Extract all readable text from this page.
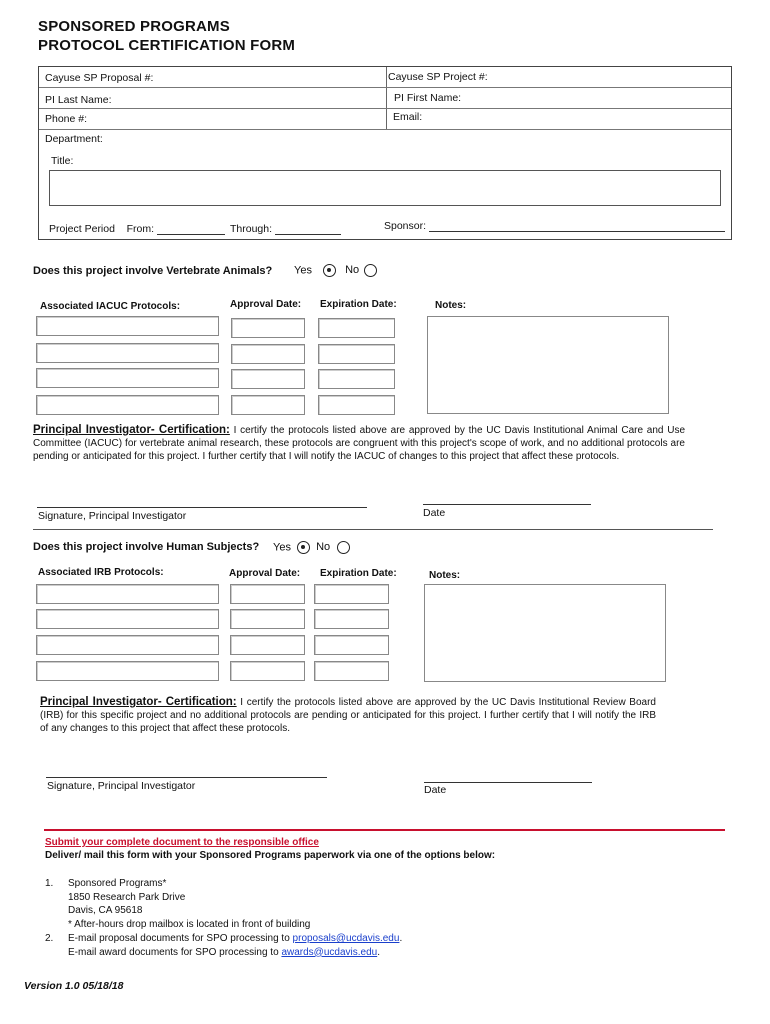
SPONSORED PROGRAMS
PROTOCOL CERTIFICATION FORM
Cayuse SP Proposal #:	Cayuse SP Project #:
PI Last Name:	PI First Name:
Phone #:	Email:
Department:
Title:
Project Period From:	Through:	Sponsor:
Does this project involve Vertebrate Animals? Yes	No
Associated IACUC Protocols:	Approval Date: Expiration Date:	Notes:
Principal Investigator- Certification: I certify the protocols listed above are approved by the UC Davis Institutional Animal Care and Use Committee (IACUC) for vertebrate animal research, these protocols are congruent with this project's scope of work, and no additional protocols are pending or anticipated for this project. I further certify that I will notify the IACUC of changes to this project that affect these protocols.
Signature, Principal Investigator	Date
Does this project involve Human Subjects? Yes No
Associated IRB Protocols:	Approval Date: Expiration Date:	Notes:
Principal Investigator- Certification: I certify the protocols listed above are approved by the UC Davis Institutional Review Board (IRB) for this specific project and no additional protocols are pending or anticipated for this project. I further certify that I will notify the IRB of any changes to this project that affect these protocols.
Signature, Principal Investigator	Date
Submit your complete document to the responsible office
Deliver/ mail this form with your Sponsored Programs paperwork via one of the options below:
1. Sponsored Programs*
1850 Research Park Drive
Davis, CA 95618
* After-hours drop mailbox is located in front of building
2. E-mail proposal documents for SPO processing to proposals@ucdavis.edu.
E-mail award documents for SPO processing to awards@ucdavis.edu.
Version 1.0 05/18/18
